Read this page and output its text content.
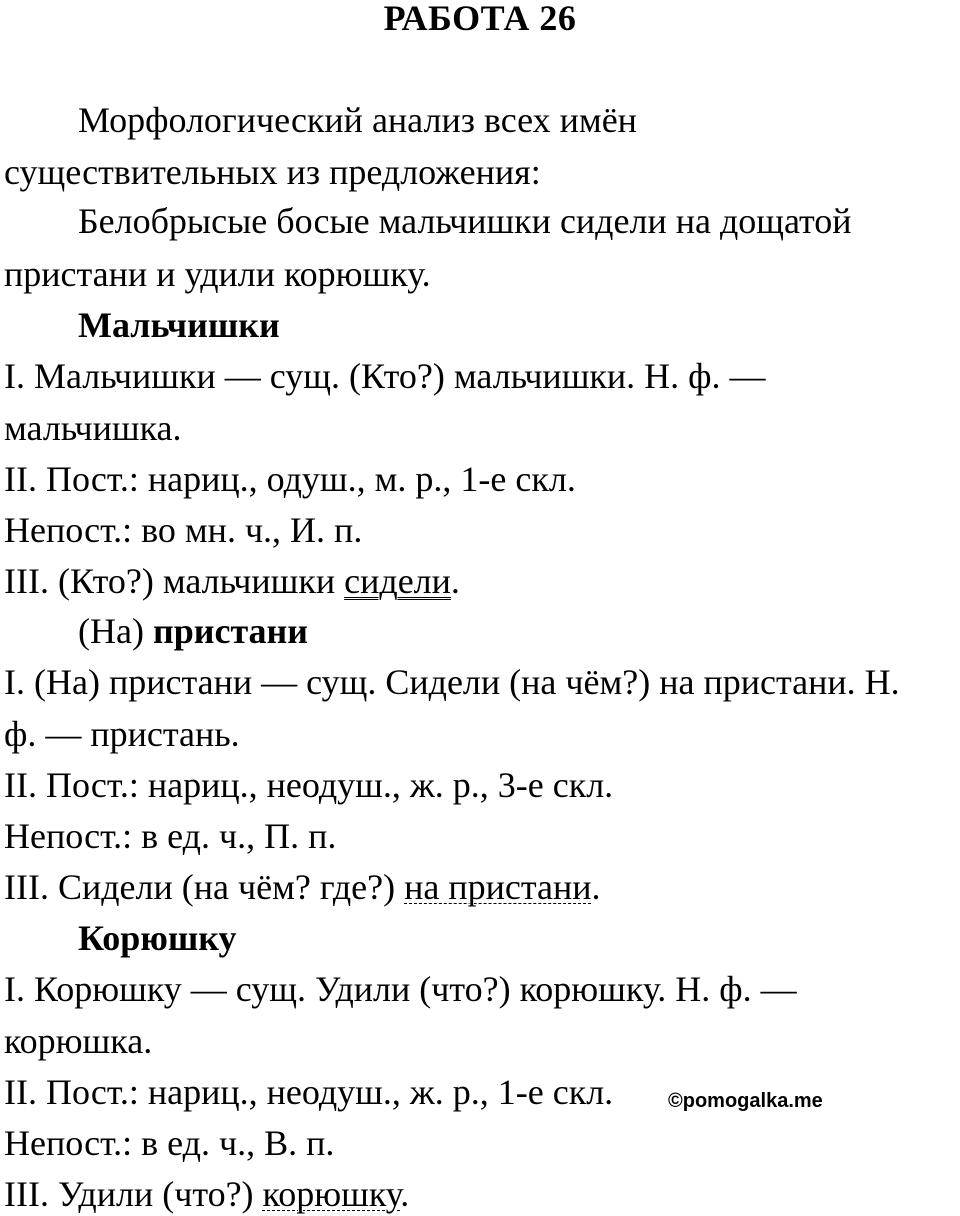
РАБОТА 26
Морфологический анализ всех имён
существительных из предложения:
Белобрысые босые мальчишки сидели на дощатой
пристани и удили корюшку.
Мальчишки
I. Мальчишки — сущ. (Кто?) мальчишки. Н. ф. —
мальчишка.
II. Пост.: нариц., одуш., м. р., 1-е скл.
Непост.: во мн. ч., И. п.
III. (Кто?) мальчишки сидели.
(На) пристани
I. (На) пристани — сущ. Сидели (на чём?) на пристани. Н.
ф. — пристань.
II. Пост.: нариц., неодуш., ж. р., 3-е скл.
Непост.: в ед. ч., П. п.
III. Сидели (на чём? где?) на пристани.
Корюшку
I. Корюшку — сущ. Удили (что?) корюшку. Н. ф. —
корюшка.
II. Пост.: нариц., неодуш., ж. р., 1-е скл.
Непост.: в ед. ч., В. п.
III. Удили (что?) корюшку.
©pomogalka.me
